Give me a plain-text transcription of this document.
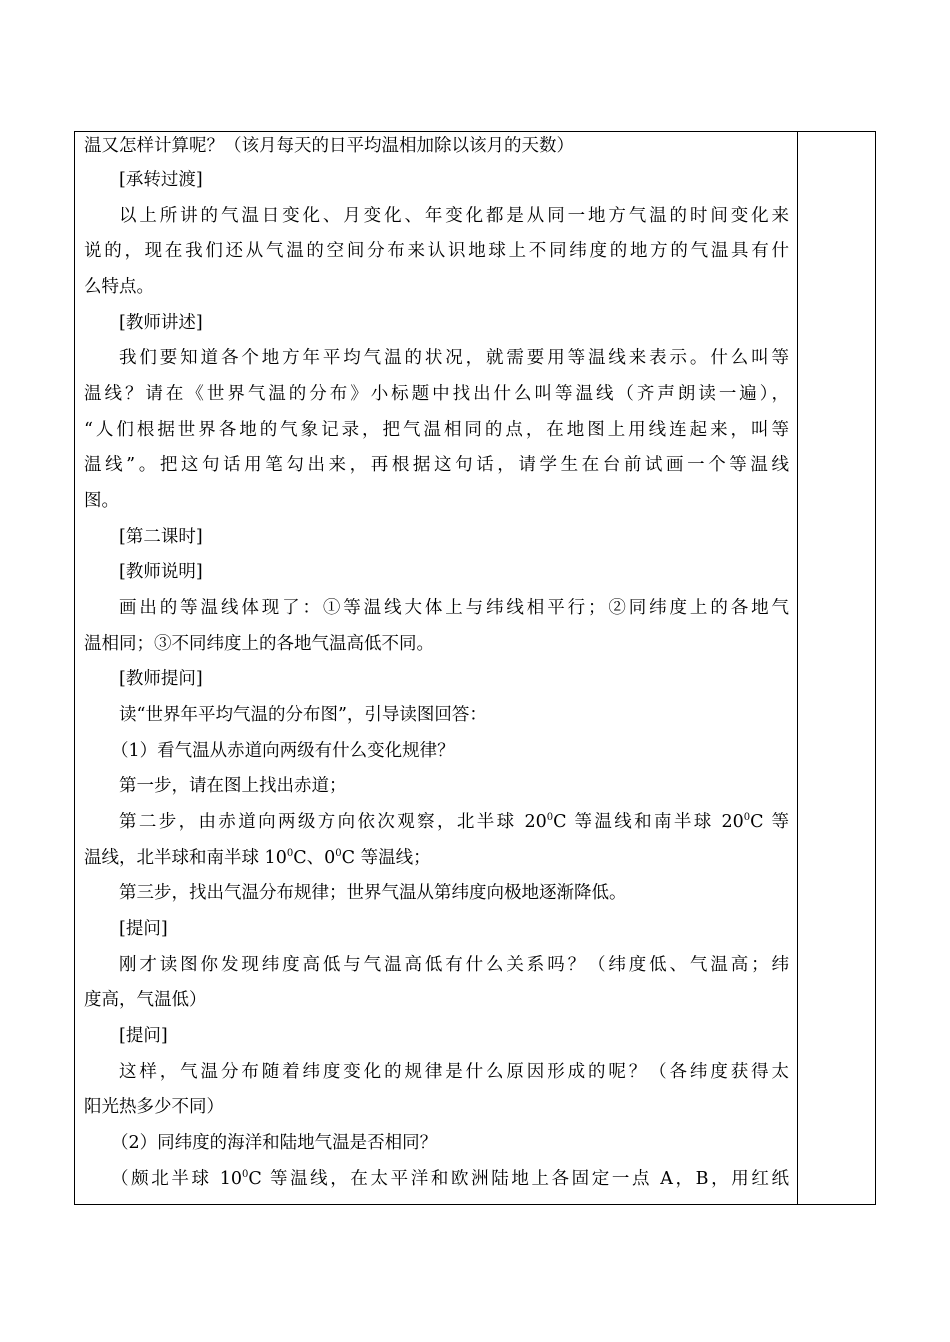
温又怎样计算呢？（该月每天的日平均温相加除以该月的天数）
[承转过渡]
以上所讲的气温日变化、月变化、年变化都是从同一地方气温的时间变化来
说的，现在我们还从气温的空间分布来认识地球上不同纬度的地方的气温具有什
么特点。
[教师讲述]
我们要知道各个地方年平均气温的状况，就需要用等温线来表示。什么叫等
温线？请在《世界气温的分布》小标题中找出什么叫等温线（齐声朗读一遍），
“人们根据世界各地的气象记录，把气温相同的点，在地图上用线连起来，叫等
温线”。把这句话用笔勾出来，再根据这句话，请学生在台前试画一个等温线
图。
[第二课时]
[教师说明]
画出的等温线体现了：①等温线大体上与纬线相平行；②同纬度上的各地气
温相同；③不同纬度上的各地气温高低不同。
[教师提问]
读“世界年平均气温的分布图”，引导读图回答：
（1）看气温从赤道向两级有什么变化规律？
第一步，请在图上找出赤道；
第二步，由赤道向两级方向依次观察，北半球 $20^0C$ 等温线和南半球 $20^0C$ 等
温线，北半球和南半球 $10^0C$、$0^0C$ 等温线；
第三步，找出气温分布规律；世界气温从第纬度向极地逐渐降低。
[提问]
刚才读图你发现纬度高低与气温高低有什么关系吗？（纬度低、气温高；纬
度高，气温低）
[提问]
这样，气温分布随着纬度变化的规律是什么原因形成的呢？（各纬度获得太
阳光热多少不同）
（2）同纬度的海洋和陆地气温是否相同？
（颇北半球 $10^0C$ 等温线，在太平洋和欧洲陆地上各固定一点 A，B，用红纸
